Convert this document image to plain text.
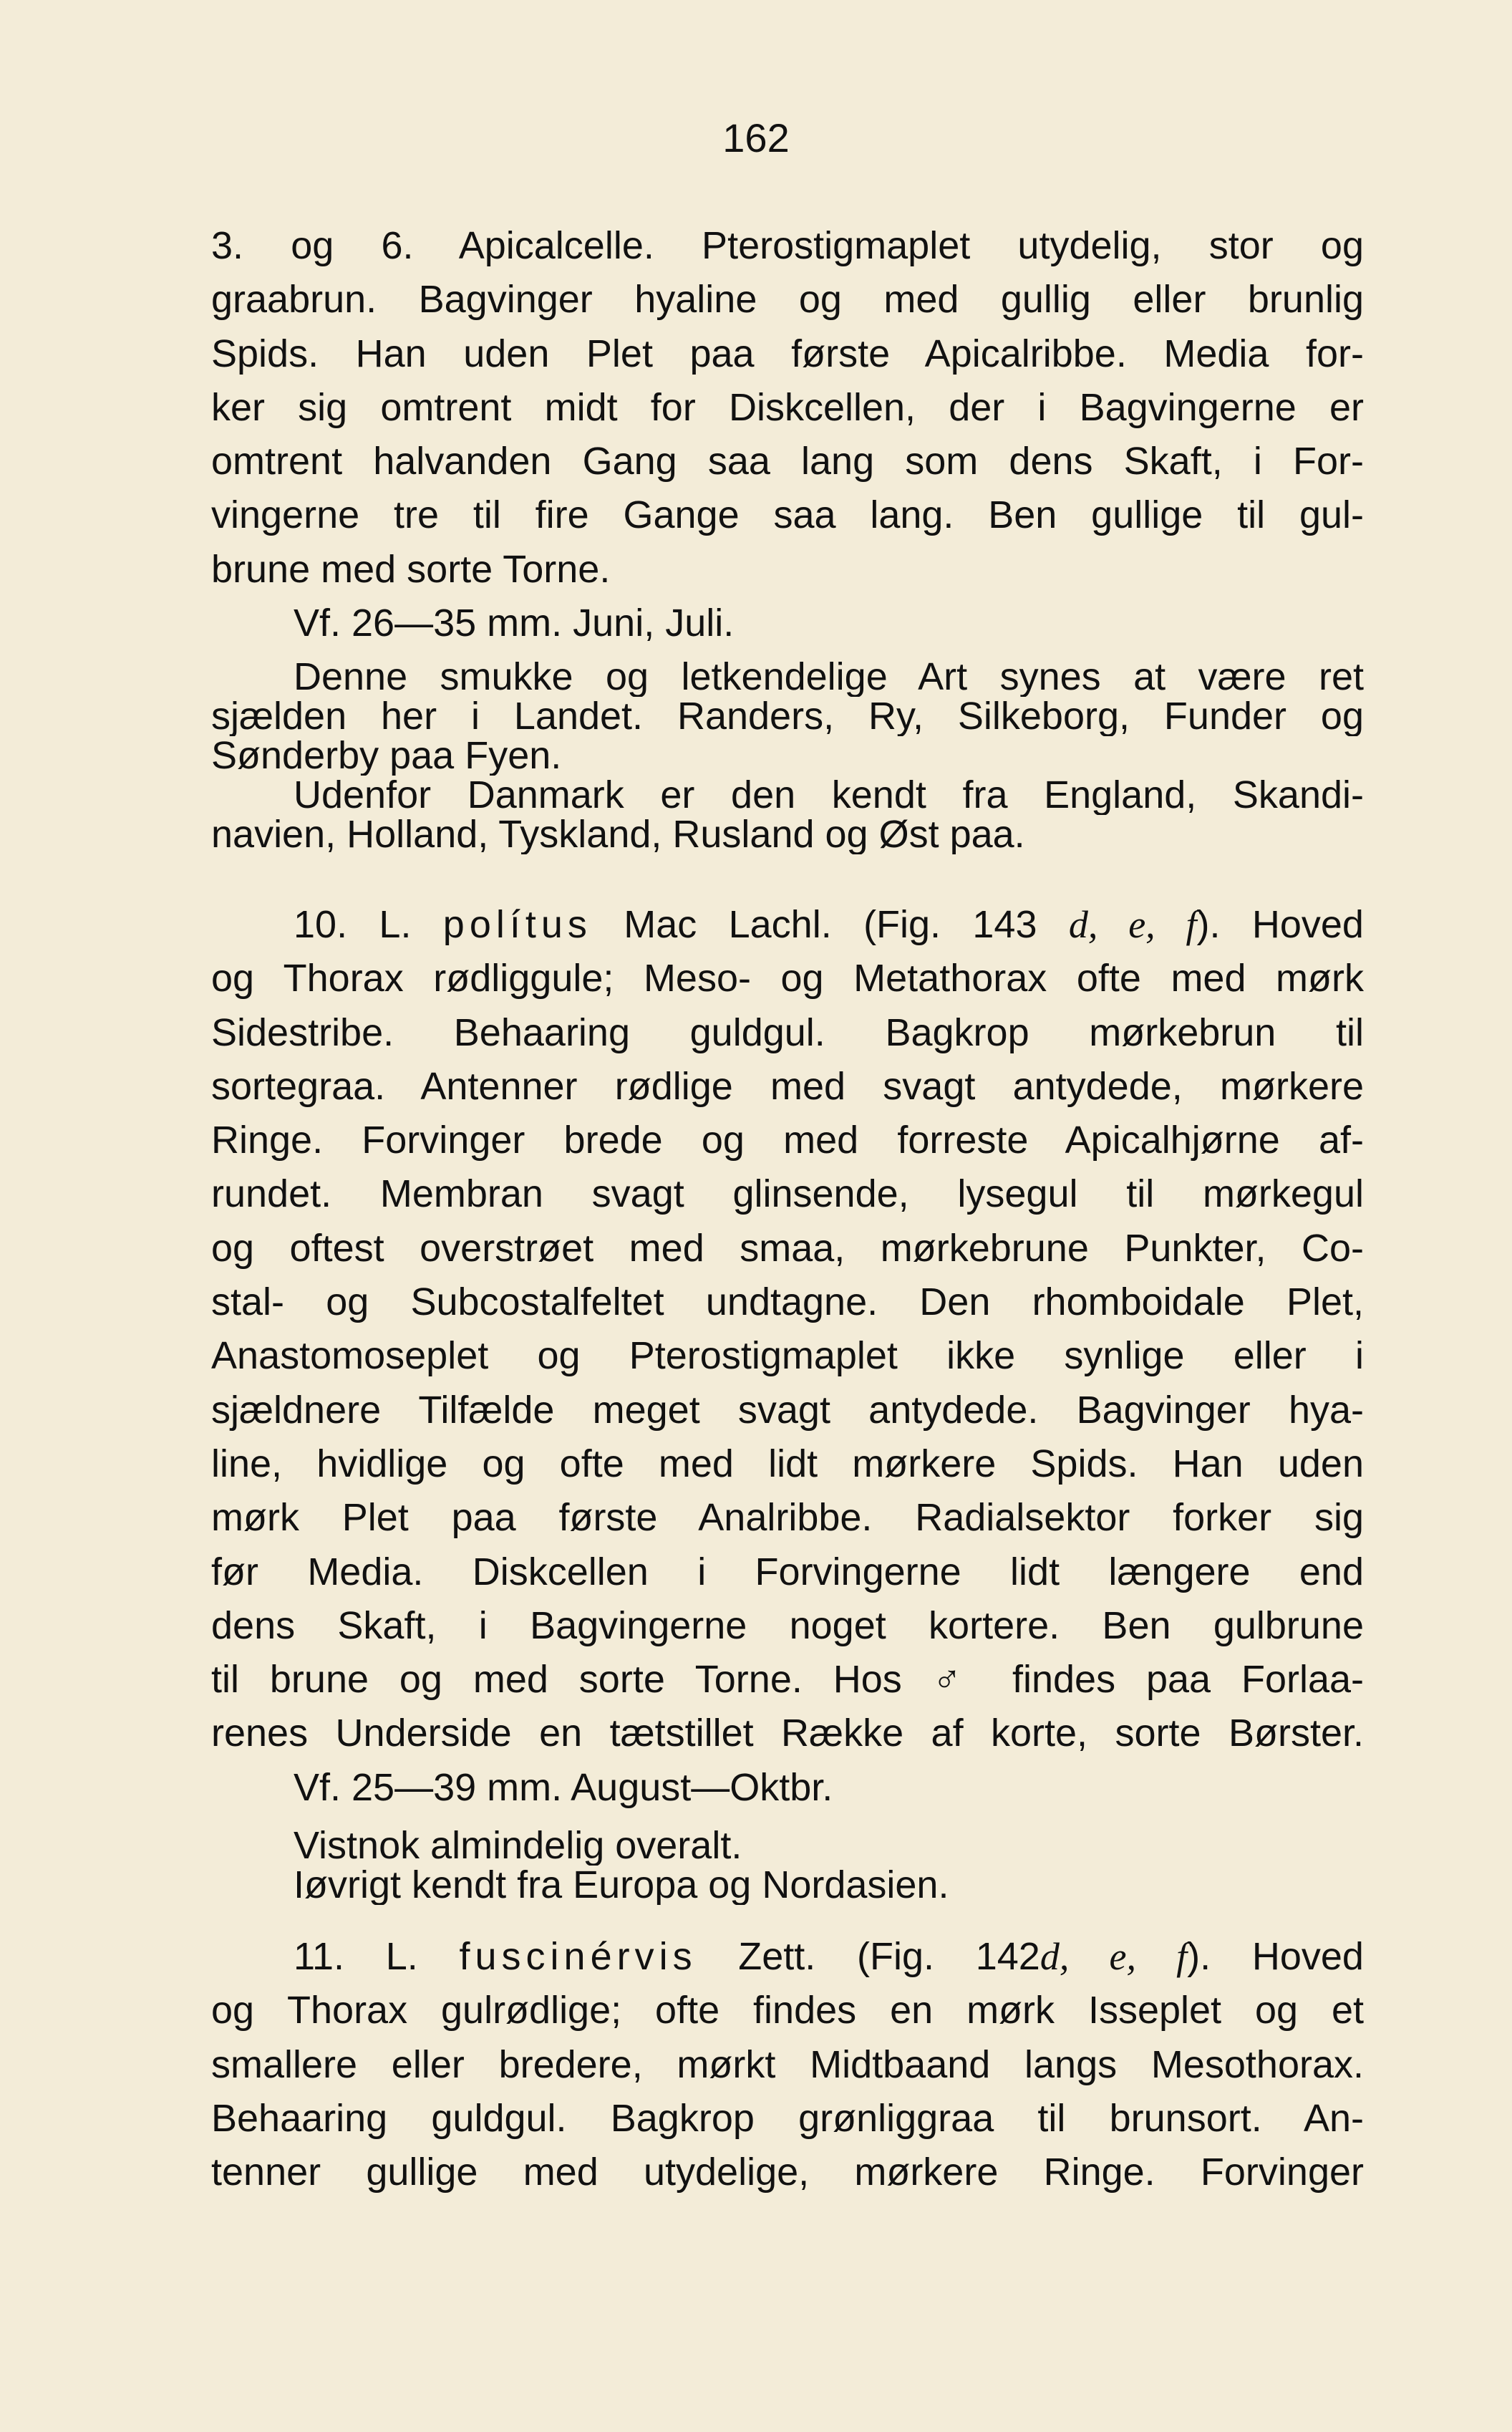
162
3. og 6. Apicalcelle. Pterostigmaplet utydelig, stor og
graabrun. Bagvinger hyaline og med gullig eller brunlig
Spids. Han uden Plet paa første Apicalribbe. Media for-
ker sig omtrent midt for Diskcellen, der i Bagvingerne er
omtrent halvanden Gang saa lang som dens Skaft, i For-
vingerne tre til fire Gange saa lang. Ben gullige til gul-
brune med sorte Torne.
Vf. 26—35 mm. Juni, Juli.
Denne smukke og letkendelige Art synes at være ret
sjælden her i Landet. Randers, Ry, Silkeborg, Funder og
Sønderby paa Fyen.
Udenfor Danmark er den kendt fra England, Skandi-
navien, Holland, Tyskland, Rusland og Øst paa.
10. L. polítus Mac Lachl. (Fig. 143 d, e, f). Hoved
og Thorax rødliggule; Meso- og Metathorax ofte med mørk
Sidestribe. Behaaring guldgul. Bagkrop mørkebrun til
sortegraa. Antenner rødlige med svagt antydede, mørkere
Ringe. Forvinger brede og med forreste Apicalhjørne af-
rundet. Membran svagt glinsende, lysegul til mørkegul
og oftest overstrøet med smaa, mørkebrune Punkter, Co-
stal- og Subcostalfeltet undtagne. Den rhomboidale Plet,
Anastomoseplet og Pterostigmaplet ikke synlige eller i
sjældnere Tilfælde meget svagt antydede. Bagvinger hya-
line, hvidlige og ofte med lidt mørkere Spids. Han uden
mørk Plet paa første Analribbe. Radialsektor forker sig
før Media. Diskcellen i Forvingerne lidt længere end
dens Skaft, i Bagvingerne noget kortere. Ben gulbrune
til brune og med sorte Torne. Hos ♂ findes paa Forlaa-
renes Underside en tætstillet Række af korte, sorte Børster.
Vf. 25—39 mm. August—Oktbr.
Vistnok almindelig overalt.
Iøvrigt kendt fra Europa og Nordasien.
11. L. fuscinérvis Zett. (Fig. 142d, e, f). Hoved
og Thorax gulrødlige; ofte findes en mørk Isseplet og et
smallere eller bredere, mørkt Midtbaand langs Mesothorax.
Behaaring guldgul. Bagkrop grønliggraa til brunsort. An-
tenner gullige med utydelige, mørkere Ringe. Forvinger
